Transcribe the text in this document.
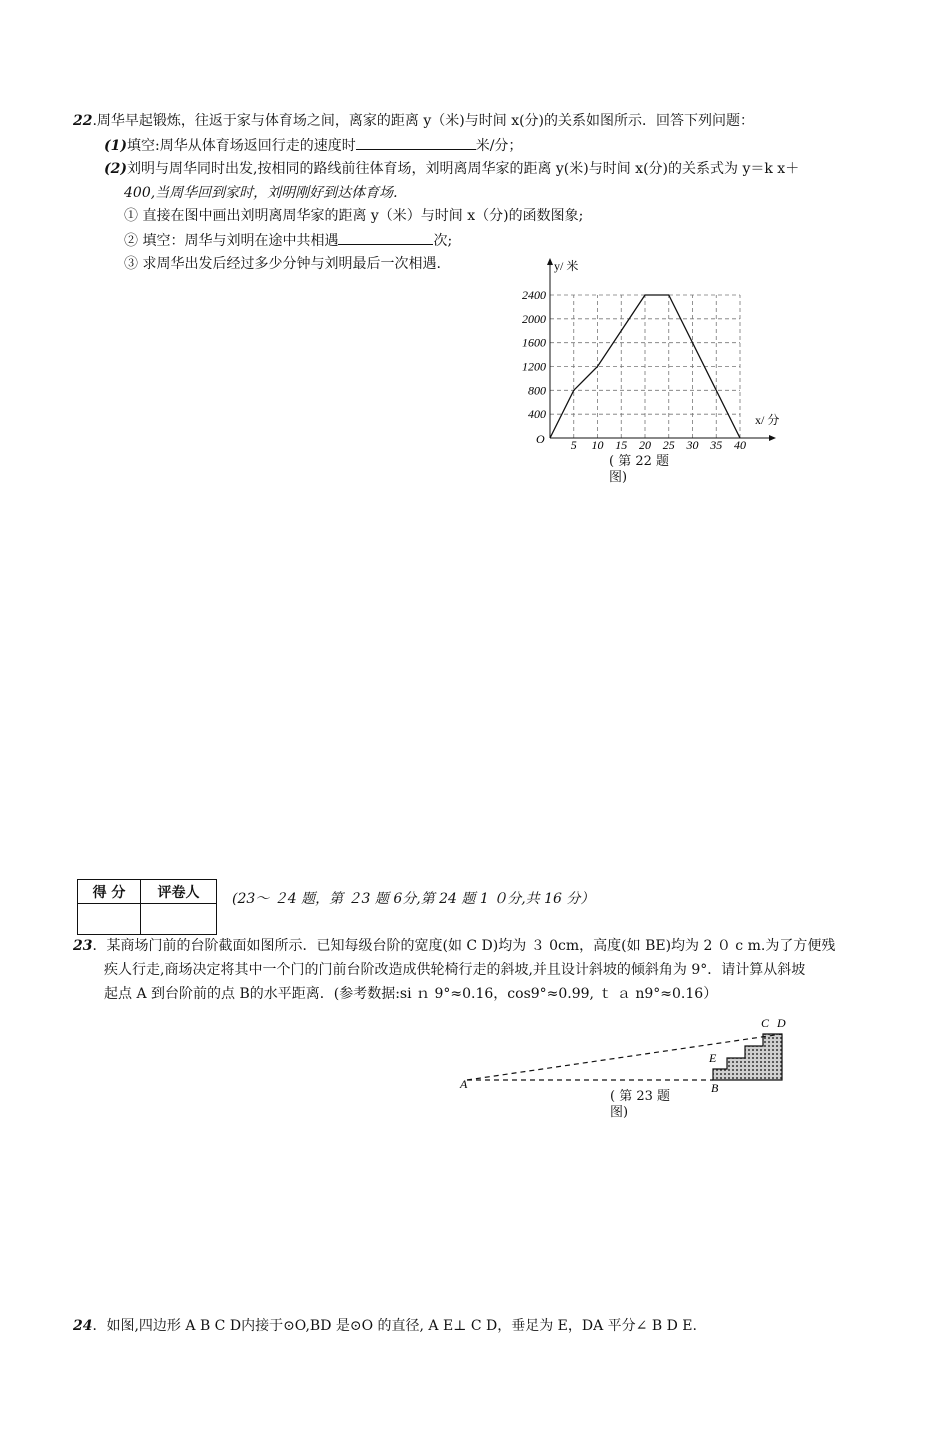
22.周华早起锻炼，往返于家与体育场之间，离家的距离 y（米)与时间 x(分)的关系如图所示．回答下列问题：
(1)填空:周华从体育场返回行走的速度时	米/分；
(2)刘明与周华同时出发,按相同的路线前往体育场，刘明离周华家的距离 y(米)与时间 x(分)的关系式为 y＝k x＋
400,当周华回到家时，刘明刚好到达体育场.
① 直接在图中画出刘明离周华家的距离 y（米）与时间 x（分)的函数图象;
② 填空：周华与刘明在途中共相遇	次;
③ 求周华出发后经过多少分钟与刘明最后一次相遇.	y/ 米
x/ 分
O 5 10 15 20 25 30 35 40
400
800
1200
1600
2000
2400
( 第 22 题
图)
得 分	评卷人
	(23～ ２4 题，第 ２3 题 6分,第 24 题 1 ０分,共 16 分）
23．某商场门前的台阶截面如图所示．已知每级台阶的宽度(如 C D)均为 ３ 0cm，高度(如 BE)均为 2 ０ c m.为了方便残
疾人行走,商场决定将其中一个门的门前台阶改造成供轮椅行走的斜坡,并且设计斜坡的倾斜角为 9°．请计算从斜坡
起点 A 到台阶前的点 B的水平距离．(参考数据:si ｎ 9°≈0.16，cos9°≈0.99, ｔ ａ n9°≈0.16）
A	B
E
C D
( 第 23 题
图)
24．如图,四边形 A B C D内接于⊙O,BD 是⊙O 的直径, A E⊥ C D，垂足为 E，DA 平分∠ B D E.
